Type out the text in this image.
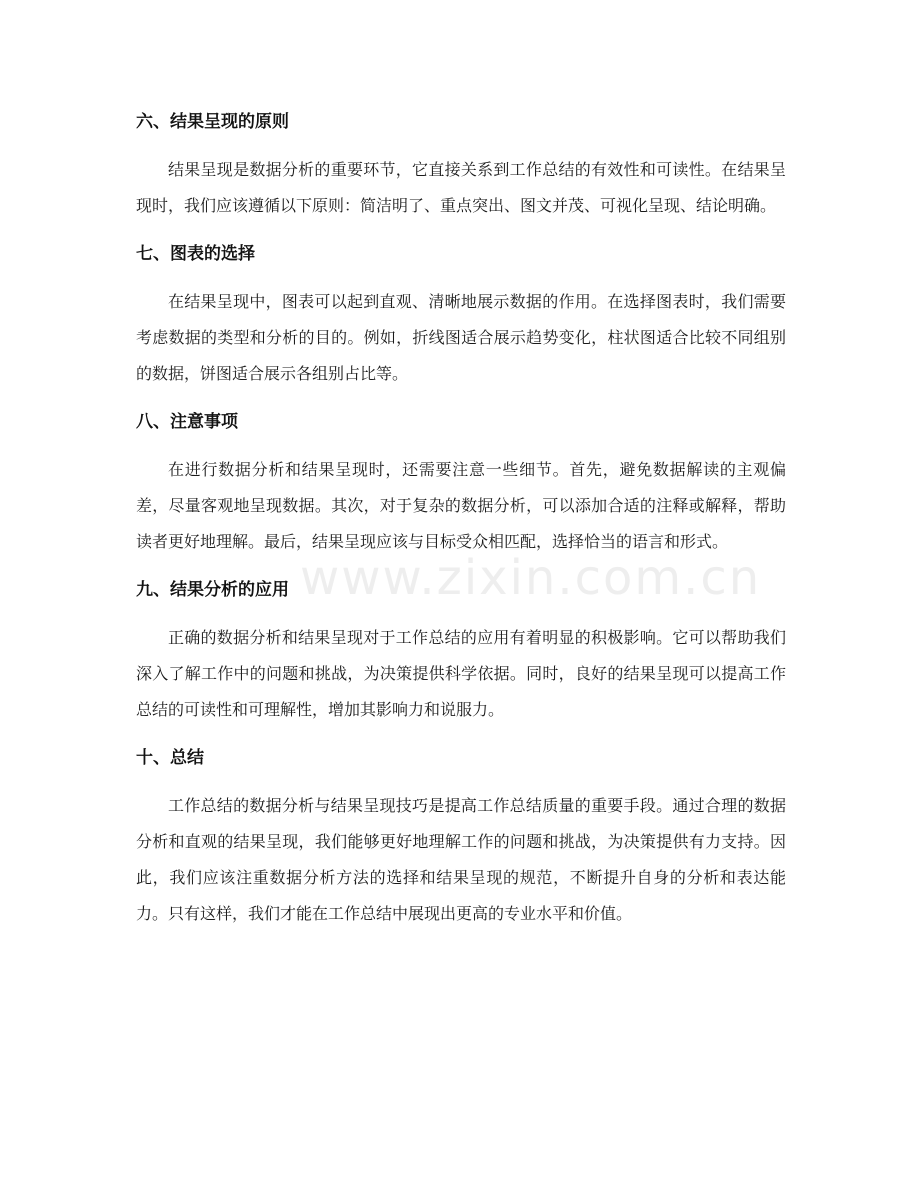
www.zixin.com.cn
六、结果呈现的原则

结果呈现是数据分析的重要环节，它直接关系到工作总结的有效性和可读性。在结果呈现时，我们应该遵循以下原则：简洁明了、重点突出、图文并茂、可视化呈现、结论明确。

七、图表的选择

在结果呈现中，图表可以起到直观、清晰地展示数据的作用。在选择图表时，我们需要考虑数据的类型和分析的目的。例如，折线图适合展示趋势变化，柱状图适合比较不同组别的数据，饼图适合展示各组别占比等。

八、注意事项

在进行数据分析和结果呈现时，还需要注意一些细节。首先，避免数据解读的主观偏差，尽量客观地呈现数据。其次，对于复杂的数据分析，可以添加合适的注释或解释，帮助读者更好地理解。最后，结果呈现应该与目标受众相匹配，选择恰当的语言和形式。

九、结果分析的应用

正确的数据分析和结果呈现对于工作总结的应用有着明显的积极影响。它可以帮助我们深入了解工作中的问题和挑战，为决策提供科学依据。同时，良好的结果呈现可以提高工作总结的可读性和可理解性，增加其影响力和说服力。

十、总结

工作总结的数据分析与结果呈现技巧是提高工作总结质量的重要手段。通过合理的数据分析和直观的结果呈现，我们能够更好地理解工作的问题和挑战，为决策提供有力支持。因此，我们应该注重数据分析方法的选择和结果呈现的规范，不断提升自身的分析和表达能力。只有这样，我们才能在工作总结中展现出更高的专业水平和价值。
